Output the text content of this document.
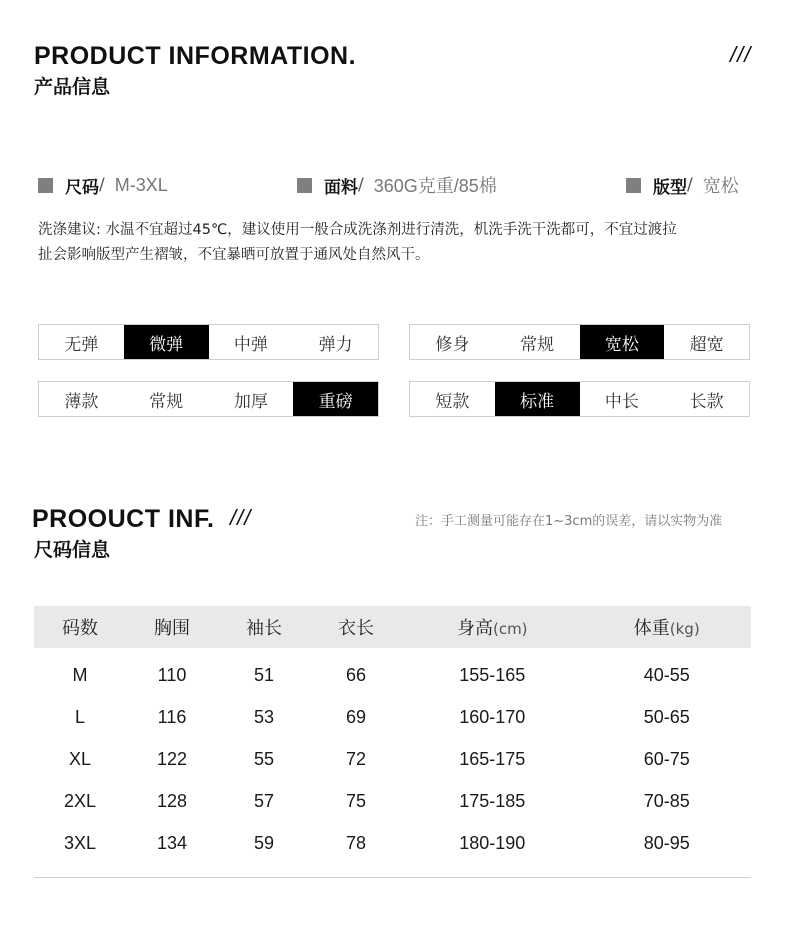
PRODUCT INFORMATION.
产品信息
///
尺码 / M-3XL	面料 / 360G克重/85棉	版型 / 宽松
洗涤建议: 水温不宜超过45℃，建议使用一般合成洗涤剂进行清洗，机洗手洗干洗都可，不宜过渡拉
扯会影响版型产生褶皱，不宜暴晒可放置于通风处自然风干。
无弹	微弹	中弹	弹力	修身	常规	宽松	超宽
薄款	常规	加厚	重磅	短款	标准	中长	长款
PROOUCT INF. ///
尺码信息
注：手工测量可能存在1~3cm的误差，请以实物为准
码数	胸围	袖长	衣长	身高(cm)	体重(kg)
M	110	51	66	155-165	40-55
L	116	53	69	160-170	50-65
XL	122	55	72	165-175	60-75
2XL	128	57	75	175-185	70-85
3XL	134	59	78	180-190	80-95
